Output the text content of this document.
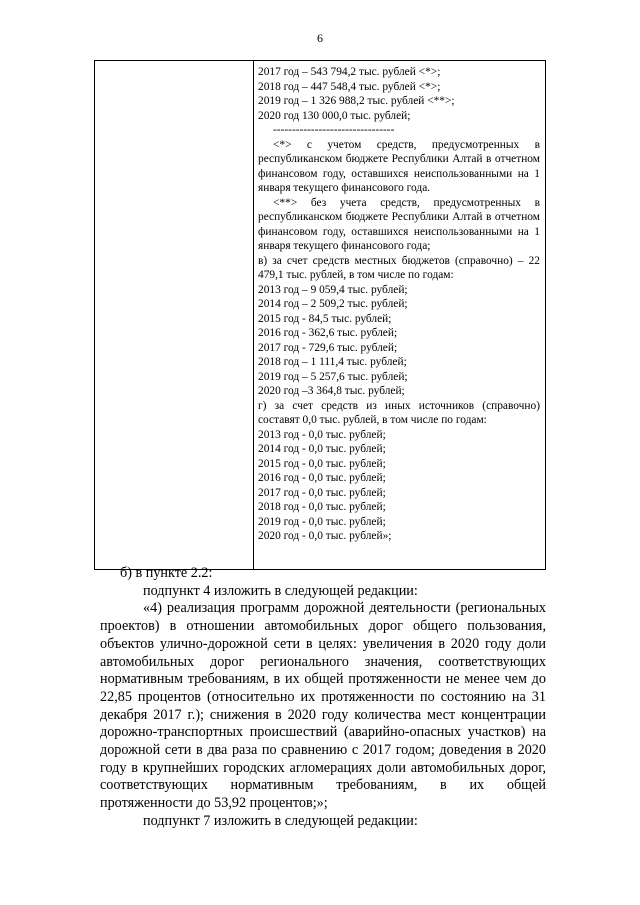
6
2017 год – 543 794,2 тыс. рублей <*>;
2018 год – 447 548,4 тыс. рублей <*>;
2019 год – 1 326 988,2 тыс. рублей <**>;
2020 год 130 000,0 тыс. рублей;
--------------------------------
<*> с учетом средств, предусмотренных в республиканском бюджете Республики Алтай в отчетном финансовом году, оставшихся неиспользованными на 1 января текущего финансового года.
<**> без учета средств, предусмотренных в республиканском бюджете Республики Алтай в отчетном финансовом году, оставшихся неиспользованными на 1 января текущего финансового года;
в) за счет средств местных бюджетов (справочно) – 22 479,1 тыс. рублей, в том числе по годам:
2013 год – 9 059,4 тыс. рублей;
2014 год – 2 509,2 тыс. рублей;
2015 год - 84,5 тыс. рублей;
2016 год - 362,6 тыс. рублей;
2017 год - 729,6 тыс. рублей;
2018 год – 1 111,4 тыс. рублей;
2019 год – 5 257,6 тыс. рублей;
2020 год –3 364,8 тыс. рублей;
г) за счет средств из иных источников (справочно) составят 0,0 тыс. рублей, в том числе по годам:
2013 год - 0,0 тыс. рублей;
2014 год - 0,0 тыс. рублей;
2015 год - 0,0 тыс. рублей;
2016 год - 0,0 тыс. рублей;
2017 год - 0,0 тыс. рублей;
2018 год - 0,0 тыс. рублей;
2019 год - 0,0 тыс. рублей;
2020 год - 0,0 тыс. рублей»;

б) в пункте 2.2:

подпункт 4 изложить в следующей редакции:

«4) реализация программ дорожной деятельности (региональных проектов) в отношении автомобильных дорог общего пользования, объектов улично-дорожной сети в целях: увеличения в 2020 году доли автомобильных дорог регионального значения, соответствующих нормативным требованиям, в их общей протяженности не менее чем до 22,85 процентов (относительно их протяженности по состоянию на 31 декабря 2017 г.); снижения в 2020 году количества мест концентрации дорожно-транспортных происшествий (аварийно-опасных участков) на дорожной сети в два раза по сравнению с 2017 годом; доведения в 2020 году в крупнейших городских агломерациях доли автомобильных дорог, соответствующих нормативным требованиям, в их общей протяженности до 53,92 процентов;»;

подпункт 7 изложить в следующей редакции:
